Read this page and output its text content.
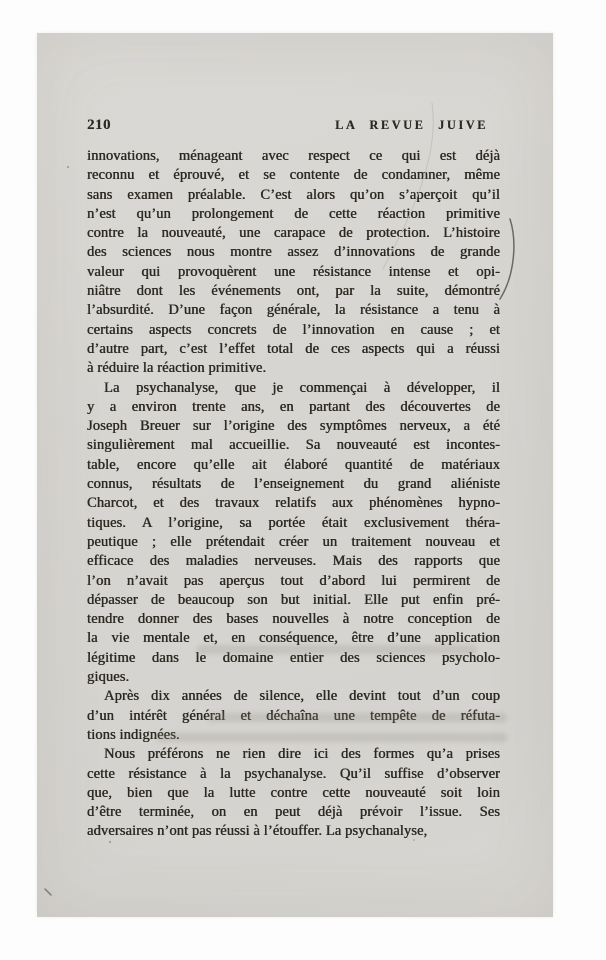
210	LA REVUE JUIVE
innovations, ménageant avec respect ce qui est déjà
reconnu et éprouvé, et se contente de condamner, même
sans examen préalable. C’est alors qu’on s’aperçoit qu’il
n’est qu’un prolongement de cette réaction primitive
contre la nouveauté, une carapace de protection. L’histoire
des sciences nous montre assez d’innovations de grande
valeur qui provoquèrent une résistance intense et opi-
niâtre dont les événements ont, par la suite, démontré
l’absurdité. D’une façon générale, la résistance a tenu à
certains aspects concrets de l’innovation en cause ; et
d’autre part, c’est l’effet total de ces aspects qui a réussi
à réduire la réaction primitive.
La psychanalyse, que je commençai à développer, il
y a environ trente ans, en partant des découvertes de
Joseph Breuer sur l’origine des symptômes nerveux, a été
singulièrement mal accueillie. Sa nouveauté est incontes-
table, encore qu’elle ait élaboré quantité de matériaux
connus, résultats de l’enseignement du grand aliéniste
Charcot, et des travaux relatifs aux phénomènes hypno-
tiques. A l’origine, sa portée était exclusivement théra-
peutique ; elle prétendait créer un traitement nouveau et
efficace des maladies nerveuses. Mais des rapports que
l’on n’avait pas aperçus tout d’abord lui permirent de
dépasser de beaucoup son but initial. Elle put enfin pré-
tendre donner des bases nouvelles à notre conception de
la vie mentale et, en conséquence, être d’une application
légitime dans le domaine entier des sciences psycholo-
giques.
Après dix années de silence, elle devint tout d’un coup
d’un intérêt général et déchaîna une tempête de réfuta-
tions indignées.
Nous préférons ne rien dire ici des formes qu’a prises
cette résistance à la psychanalyse. Qu’il suffise d’observer
que, bien que la lutte contre cette nouveauté soit loin
d’être terminée, on en peut déjà prévoir l’issue. Ses
adversaires n’ont pas réussi à l’étouffer. La psychanalyse,
